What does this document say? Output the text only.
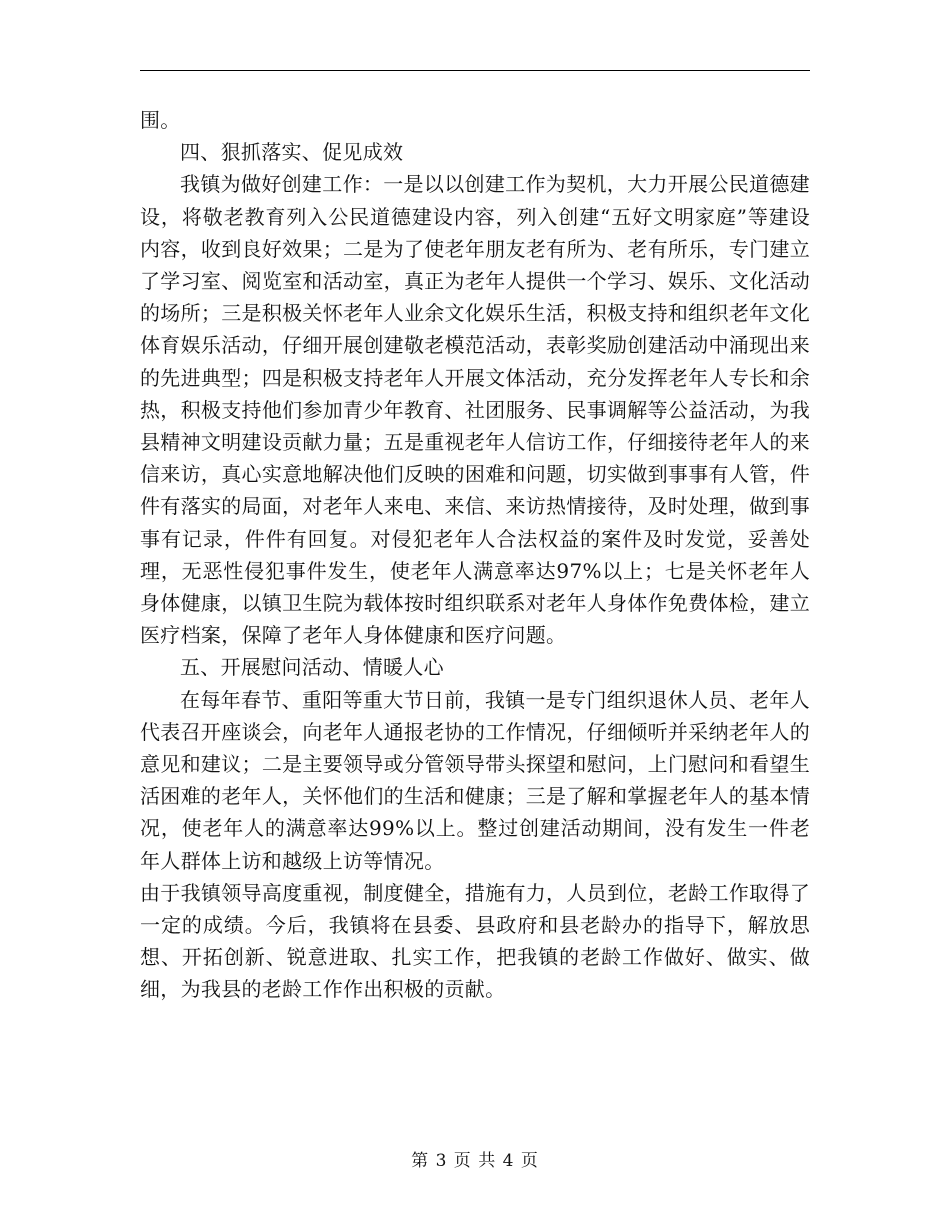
围。

四、狠抓落实、促见成效

我镇为做好创建工作：一是以以创建工作为契机，大力开展公民道德建设，将敬老教育列入公民道德建设内容，列入创建“五好文明家庭”等建设内容，收到良好效果；二是为了使老年朋友老有所为、老有所乐，专门建立了学习室、阅览室和活动室，真正为老年人提供一个学习、娱乐、文化活动的场所；三是积极关怀老年人业余文化娱乐生活，积极支持和组织老年文化体育娱乐活动，仔细开展创建敬老模范活动，表彰奖励创建活动中涌现出来的先进典型；四是积极支持老年人开展文体活动，充分发挥老年人专长和余热，积极支持他们参加青少年教育、社团服务、民事调解等公益活动，为我县精神文明建设贡献力量；五是重视老年人信访工作，仔细接待老年人的来信来访，真心实意地解决他们反映的困难和问题，切实做到事事有人管，件件有落实的局面，对老年人来电、来信、来访热情接待，及时处理，做到事事有记录，件件有回复。对侵犯老年人合法权益的案件及时发觉，妥善处理，无恶性侵犯事件发生，使老年人满意率达97%以上；七是关怀老年人身体健康，以镇卫生院为载体按时组织联系对老年人身体作免费体检，建立医疗档案，保障了老年人身体健康和医疗问题。

五、开展慰问活动、情暖人心

在每年春节、重阳等重大节日前，我镇一是专门组织退休人员、老年人代表召开座谈会，向老年人通报老协的工作情况，仔细倾听并采纳老年人的意见和建议；二是主要领导或分管领导带头探望和慰问，上门慰问和看望生活困难的老年人，关怀他们的生活和健康；三是了解和掌握老年人的基本情况，使老年人的满意率达99%以上。整过创建活动期间，没有发生一件老年人群体上访和越级上访等情况。

由于我镇领导高度重视，制度健全，措施有力，人员到位，老龄工作取得了一定的成绩。今后，我镇将在县委、县政府和县老龄办的指导下，解放思想、开拓创新、锐意进取、扎实工作，把我镇的老龄工作做好、做实、做细，为我县的老龄工作作出积极的贡献。

第 3 页 共 4 页
